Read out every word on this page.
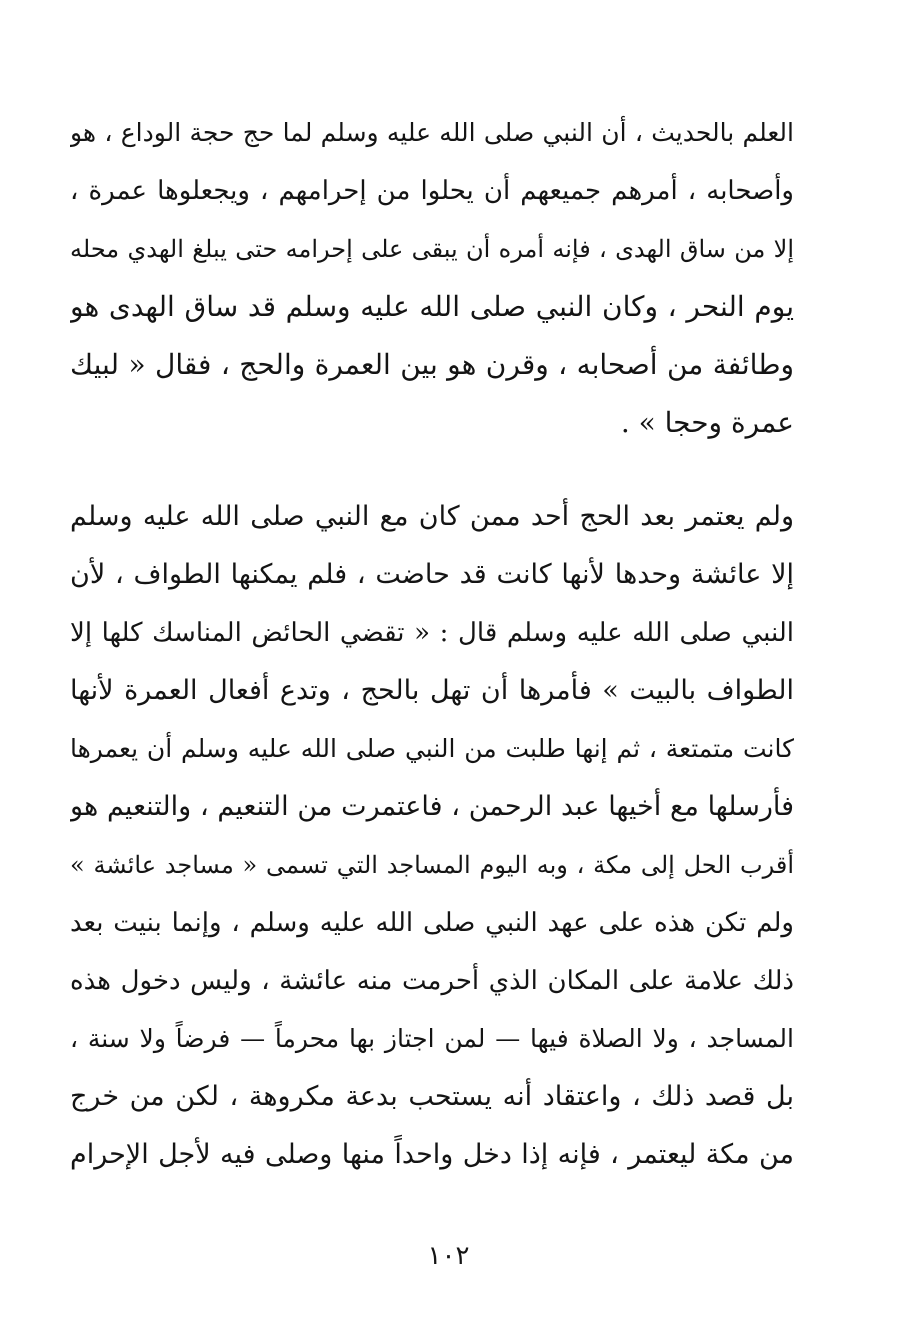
العلم بالحديث ، أن النبي صلى الله عليه وسلم لما حج حجة الوداع ، هو
وأصحابه ، أمرهم جميعهم أن يحلوا من إحرامهم ، ويجعلوها عمرة ،
إلا من ساق الهدى ، فإنه أمره أن يبقى على إحرامه حتى يبلغ الهدي محله
يوم النحر ، وكان النبي صلى الله عليه وسلم قد ساق الهدى هو
وطائفة من أصحابه ، وقرن هو بين العمرة والحج ، فقال « لبيك
عمرة وحجا » .
ولم يعتمر بعد الحج أحد ممن كان مع النبي صلى الله عليه وسلم
إلا عائشة وحدها لأنها كانت قد حاضت ، فلم يمكنها الطواف ، لأن
النبي صلى الله عليه وسلم قال : « تقضي الحائض المناسك كلها إلا
الطواف بالبيت » فأمرها أن تهل بالحج ، وتدع أفعال العمرة لأنها
كانت متمتعة ، ثم إنها طلبت من النبي صلى الله عليه وسلم أن يعمرها
فأرسلها مع أخيها عبد الرحمن ، فاعتمرت من التنعيم ، والتنعيم هو
أقرب الحل إلى مكة ، وبه اليوم المساجد التي تسمى « مساجد عائشة »
ولم تكن هذه على عهد النبي صلى الله عليه وسلم ، وإنما بنيت بعد
ذلك علامة على المكان الذي أحرمت منه عائشة ، وليس دخول هذه
المساجد ، ولا الصلاة فيها — لمن اجتاز بها محرماً — فرضاً ولا سنة ،
بل قصد ذلك ، واعتقاد أنه يستحب بدعة مكروهة ، لكن من خرج
من مكة ليعتمر ، فإنه إذا دخل واحداً منها وصلى فيه لأجل الإحرام
١٠٢
